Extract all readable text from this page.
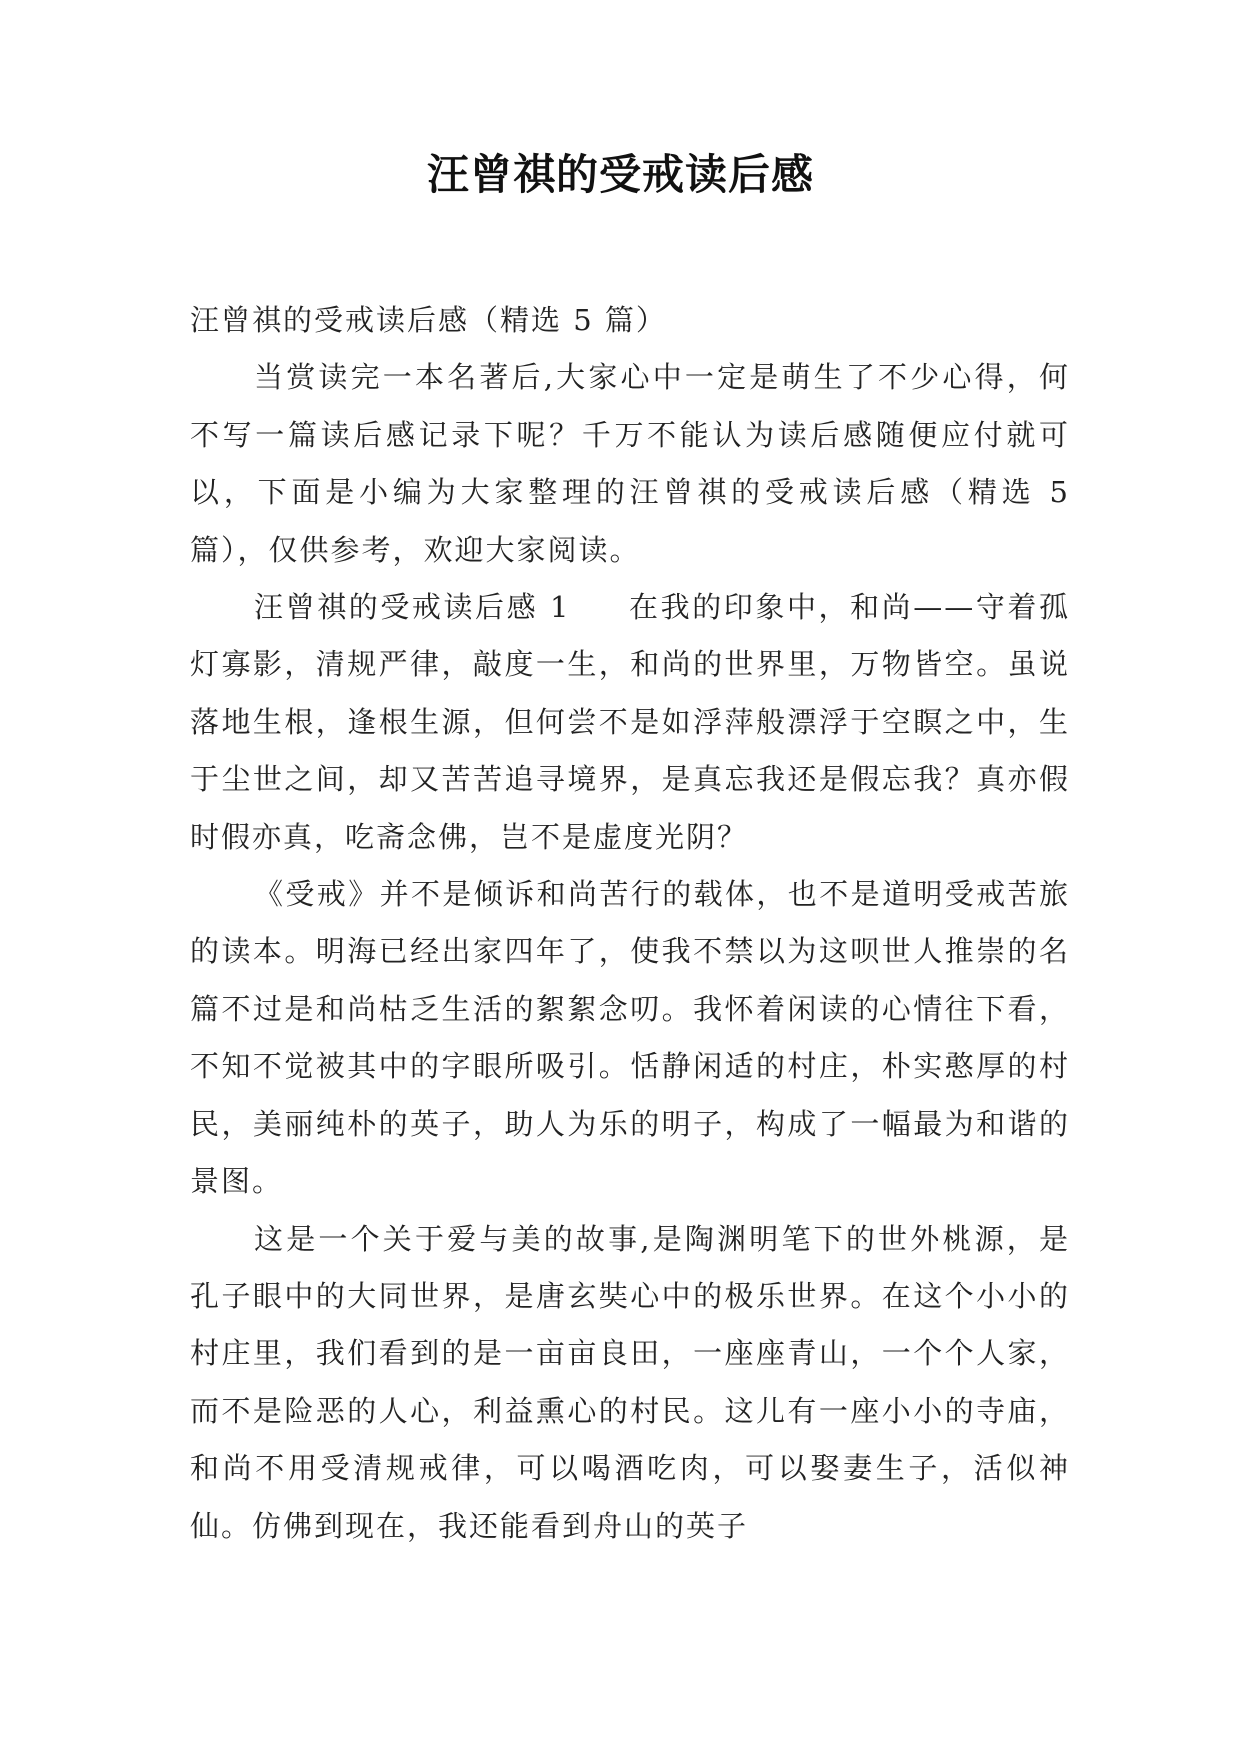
汪曾祺的受戒读后感

汪曾祺的受戒读后感（精选 5 篇）

当赏读完一本名著后,大家心中一定是萌生了不少心得，何不写一篇读后感记录下呢？千万不能认为读后感随便应付就可以，下面是小编为大家整理的汪曾祺的受戒读后感（精选 5 篇），仅供参考，欢迎大家阅读。

汪曾祺的受戒读后感 1 在我的印象中，和尚——守着孤灯寡影，清规严律，敲度一生，和尚的世界里，万物皆空。虽说落地生根，逢根生源，但何尝不是如浮萍般漂浮于空瞑之中，生于尘世之间，却又苦苦追寻境界，是真忘我还是假忘我？真亦假时假亦真，吃斋念佛，岂不是虚度光阴？

《受戒》并不是倾诉和尚苦行的载体，也不是道明受戒苦旅的读本。明海已经出家四年了，使我不禁以为这呗世人推崇的名篇不过是和尚枯乏生活的絮絮念叨。我怀着闲读的心情往下看，不知不觉被其中的字眼所吸引。恬静闲适的村庄，朴实憨厚的村民，美丽纯朴的英子，助人为乐的明子，构成了一幅最为和谐的景图。

这是一个关于爱与美的故事,是陶渊明笔下的世外桃源，是孔子眼中的大同世界，是唐玄奘心中的极乐世界。在这个小小的村庄里，我们看到的是一亩亩良田，一座座青山，一个个人家，而不是险恶的人心，利益熏心的村民。这儿有一座小小的寺庙，和尚不用受清规戒律，可以喝酒吃肉，可以娶妻生子，活似神仙。仿佛到现在，我还能看到舟山的英子
